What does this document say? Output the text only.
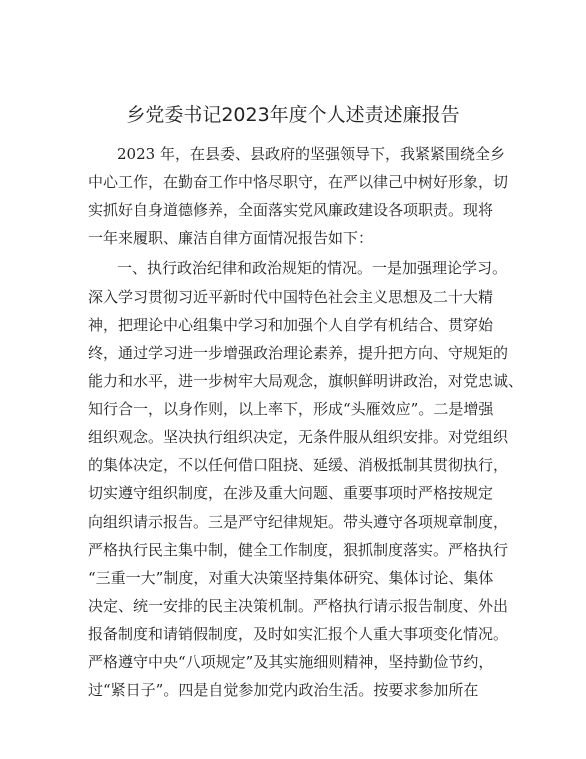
乡党委书记2023年度个人述责述廉报告
2023 年，在县委、县政府的坚强领导下，我紧紧围绕全乡
中心工作，在勤奋工作中恪尽职守，在严以律己中树好形象，切
实抓好自身道德修养，全面落实党风廉政建设各项职责。现将
一年来履职、廉洁自律方面情况报告如下：
一、执行政治纪律和政治规矩的情况。一是加强理论学习。
深入学习贯彻习近平新时代中国特色社会主义思想及二十大精
神，把理论中心组集中学习和加强个人自学有机结合、贯穿始
终，通过学习进一步增强政治理论素养，提升把方向、守规矩的
能力和水平，进一步树牢大局观念，旗帜鲜明讲政治，对党忠诚、
知行合一，以身作则，以上率下，形成“头雁效应”。二是增强
组织观念。坚决执行组织决定，无条件服从组织安排。对党组织
的集体决定，不以任何借口阻挠、延缓、消极抵制其贯彻执行，
切实遵守组织制度，在涉及重大问题、重要事项时严格按规定
向组织请示报告。三是严守纪律规矩。带头遵守各项规章制度，
严格执行民主集中制，健全工作制度，狠抓制度落实。严格执行
“三重一大”制度，对重大决策坚持集体研究、集体讨论、集体
决定、统一安排的民主决策机制。严格执行请示报告制度、外出
报备制度和请销假制度，及时如实汇报个人重大事项变化情况。
严格遵守中央“八项规定”及其实施细则精神，坚持勤俭节约，
过“紧日子”。四是自觉参加党内政治生活。按要求参加所在
